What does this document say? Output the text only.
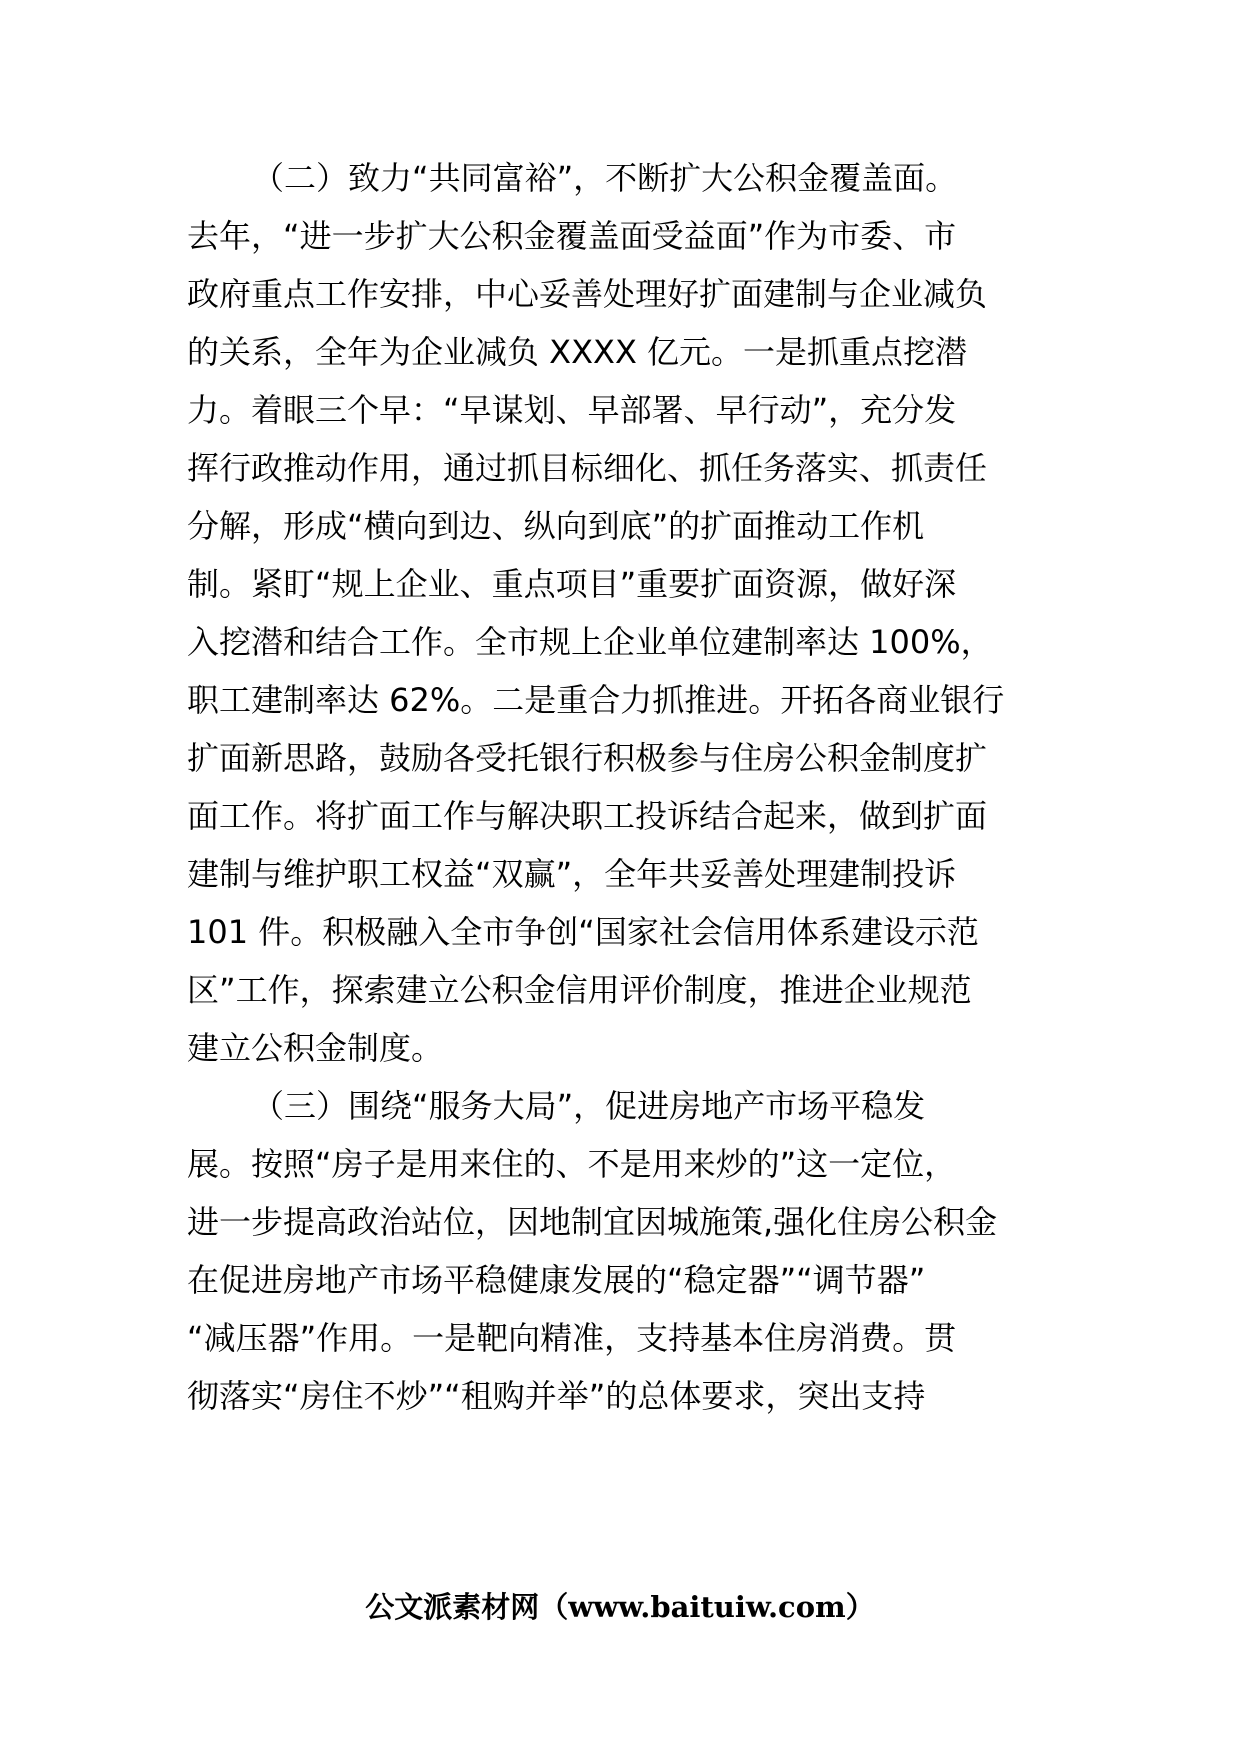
（二）致力“共同富裕”，不断扩大公积金覆盖面。
去年，“进一步扩大公积金覆盖面受益面”作为市委、市
政府重点工作安排，中心妥善处理好扩面建制与企业减负
的关系，全年为企业减负 XXXX 亿元。一是抓重点挖潜
力。着眼三个早：“早谋划、早部署、早行动”，充分发
挥行政推动作用，通过抓目标细化、抓任务落实、抓责任
分解，形成“横向到边、纵向到底”的扩面推动工作机
制。紧盯“规上企业、重点项目”重要扩面资源，做好深
入挖潜和结合工作。全市规上企业单位建制率达 100%，
职工建制率达 62%。二是重合力抓推进。开拓各商业银行
扩面新思路，鼓励各受托银行积极参与住房公积金制度扩
面工作。将扩面工作与解决职工投诉结合起来，做到扩面
建制与维护职工权益“双赢”，全年共妥善处理建制投诉
101 件。积极融入全市争创“国家社会信用体系建设示范
区”工作，探索建立公积金信用评价制度，推进企业规范
建立公积金制度。
（三）围绕“服务大局”，促进房地产市场平稳发
展。按照“房子是用来住的、不是用来炒的”这一定位，
进一步提高政治站位，因地制宜因城施策,强化住房公积金
在促进房地产市场平稳健康发展的“稳定器”“调节器”
“减压器”作用。一是靶向精准，支持基本住房消费。贯
彻落实“房住不炒”“租购并举”的总体要求，突出支持
公文派素材网（www.baituiw.com）
